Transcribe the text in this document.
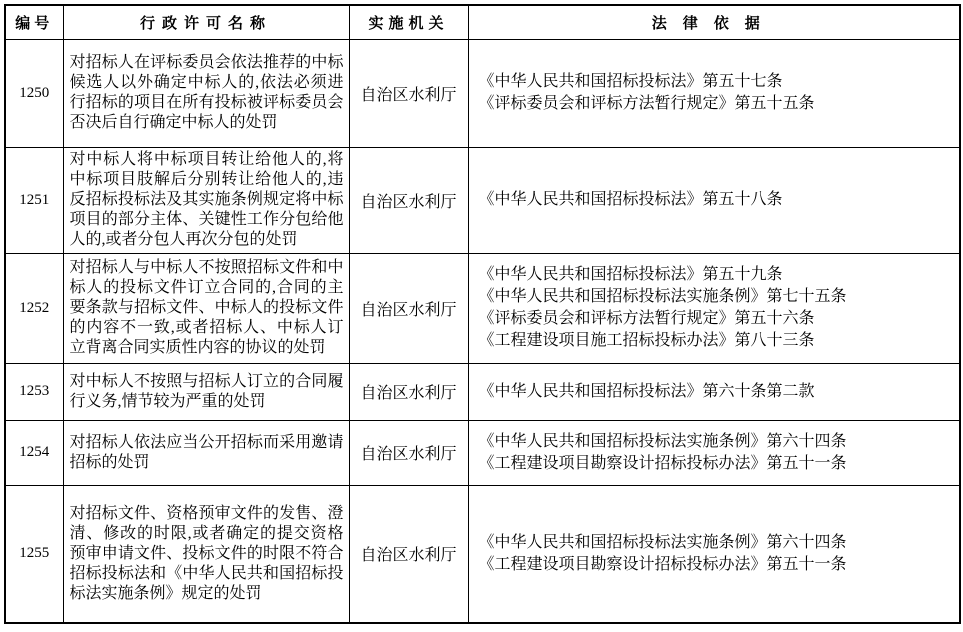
编号	行政许可名称	实施机关	法律依据
1250	对招标人在评标委员会依法推荐的中标候选人以外确定中标人的,依法必须进行招标的项目在所有投标被评标委员会否决后自行确定中标人的处罚	自治区水利厅	《中华人民共和国招标投标法》第五十七条
《评标委员会和评标方法暂行规定》第五十五条

1251	对中标人将中标项目转让给他人的,将中标项目肢解后分别转让给他人的,违反招标投标法及其实施条例规定将中标项目的部分主体、关键性工作分包给他人的,或者分包人再次分包的处罚	自治区水利厅	《中华人民共和国招标投标法》第五十八条

1252	对招标人与中标人不按照招标文件和中标人的投标文件订立合同的,合同的主要条款与招标文件、中标人的投标文件的内容不一致,或者招标人、中标人订立背离合同实质性内容的协议的处罚	自治区水利厅	《中华人民共和国招标投标法》第五十九条
《中华人民共和国招标投标法实施条例》第七十五条
《评标委员会和评标方法暂行规定》第五十六条
《工程建设项目施工招标投标办法》第八十三条

1253	对中标人不按照与招标人订立的合同履行义务,情节较为严重的处罚	自治区水利厅	《中华人民共和国招标投标法》第六十条第二款

1254	对招标人依法应当公开招标而采用邀请招标的处罚	自治区水利厅	《中华人民共和国招标投标法实施条例》第六十四条
《工程建设项目勘察设计招标投标办法》第五十一条

1255	对招标文件、资格预审文件的发售、澄清、修改的时限,或者确定的提交资格预审申请文件、投标文件的时限不符合招标投标法和《中华人民共和国招标投标法实施条例》规定的处罚	自治区水利厅	《中华人民共和国招标投标法实施条例》第六十四条
《工程建设项目勘察设计招标投标办法》第五十一条
